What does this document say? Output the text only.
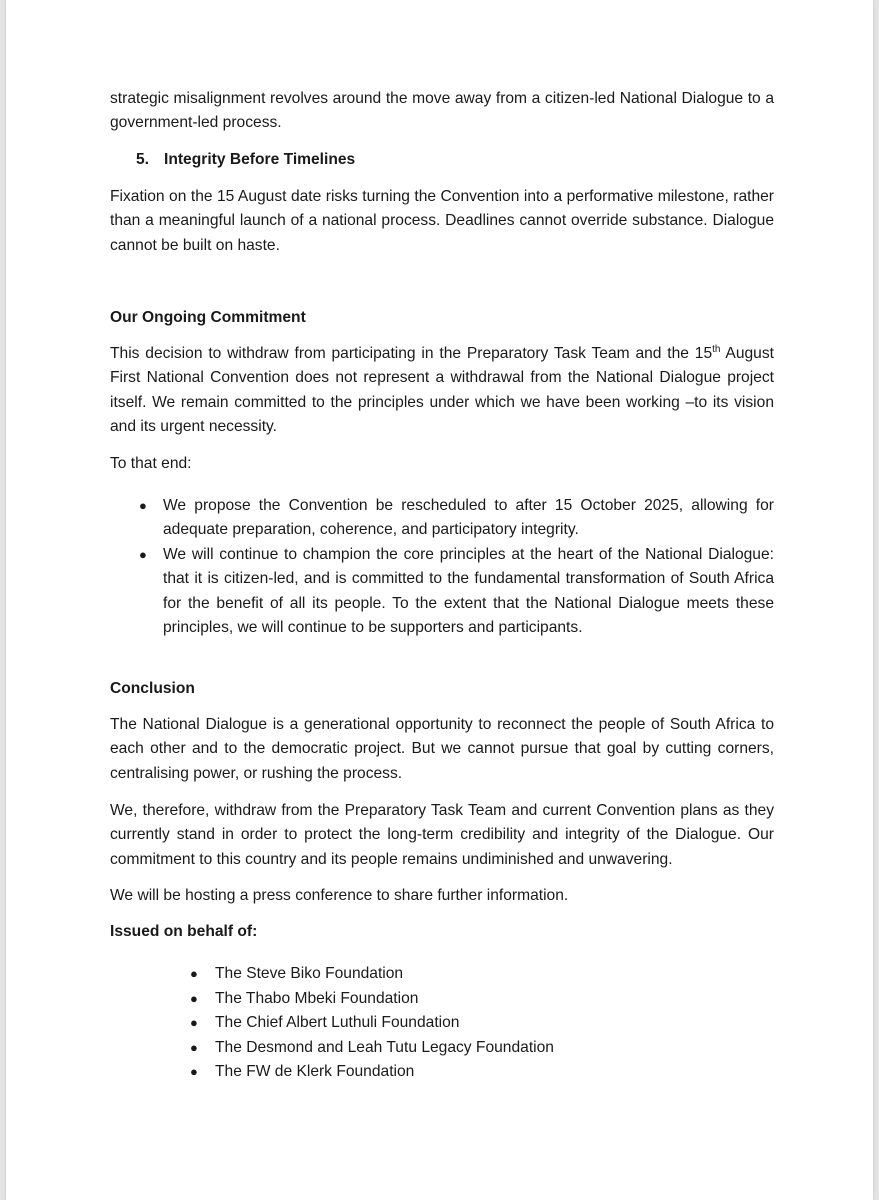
strategic misalignment revolves around the move away from a citizen-led National Dialogue to a government-led process.

5. Integrity Before Timelines

Fixation on the 15 August date risks turning the Convention into a performative milestone, rather than a meaningful launch of a national process. Deadlines cannot override substance. Dialogue cannot be built on haste.

Our Ongoing Commitment

This decision to withdraw from participating in the Preparatory Task Team and the 15th August First National Convention does not represent a withdrawal from the National Dialogue project itself. We remain committed to the principles under which we have been working –to its vision and its urgent necessity.

To that end:

● We propose the Convention be rescheduled to after 15 October 2025, allowing for adequate preparation, coherence, and participatory integrity.
● We will continue to champion the core principles at the heart of the National Dialogue: that it is citizen-led, and is committed to the fundamental transformation of South Africa for the benefit of all its people. To the extent that the National Dialogue meets these principles, we will continue to be supporters and participants.

Conclusion

The National Dialogue is a generational opportunity to reconnect the people of South Africa to each other and to the democratic project. But we cannot pursue that goal by cutting corners, centralising power, or rushing the process.

We, therefore, withdraw from the Preparatory Task Team and current Convention plans as they currently stand in order to protect the long-term credibility and integrity of the Dialogue. Our commitment to this country and its people remains undiminished and unwavering.

We will be hosting a press conference to share further information.

Issued on behalf of:

● The Steve Biko Foundation
● The Thabo Mbeki Foundation
● The Chief Albert Luthuli Foundation
● The Desmond and Leah Tutu Legacy Foundation
● The FW de Klerk Foundation
